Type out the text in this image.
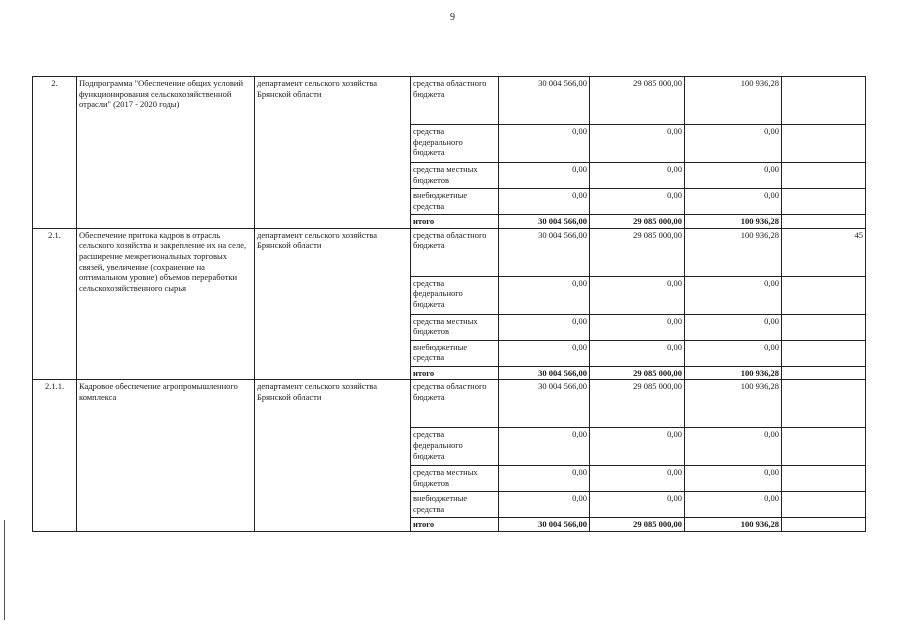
9
2.	Подпрограмма "Обеспечение общих условий функционирования сельскохозяйственной отрасли" (2017 - 2020 годы)	департамент сельского хозяйства Брянской области	средства областного бюджета	30 004 566,00	29 085 000,00	100 936,28	
			средства федерального бюджета	0,00	0,00	0,00	
			средства местных бюджетов	0,00	0,00	0,00	
			внебюджетные средства	0,00	0,00	0,00	
			итого	30 004 566,00	29 085 000,00	100 936,28	
2.1.	Обеспечение притока кадров в отрасль сельского хозяйства и закрепление их на селе, расширение межрегиональных торговых связей, увеличение (сохранение на оптимальном уровне) объемов переработки сельскохозяйственного сырья	департамент сельского хозяйства Брянской области	средства областного бюджета	30 004 566,00	29 085 000,00	100 936,28	45
			средства федерального бюджета	0,00	0,00	0,00	
			средства местных бюджетов	0,00	0,00	0,00	
			внебюджетные средства	0,00	0,00	0,00	
			итого	30 004 566,00	29 085 000,00	100 936,28	
2.1.1.	Кадровое обеспечение агропромышленного комплекса	департамент сельского хозяйства Брянской области	средства областного бюджета	30 004 566,00	29 085 000,00	100 936,28	
			средства федерального бюджета	0,00	0,00	0,00	
			средства местных бюджетов	0,00	0,00	0,00	
			внебюджетные средства	0,00	0,00	0,00	
			итого	30 004 566,00	29 085 000,00	100 936,28	
